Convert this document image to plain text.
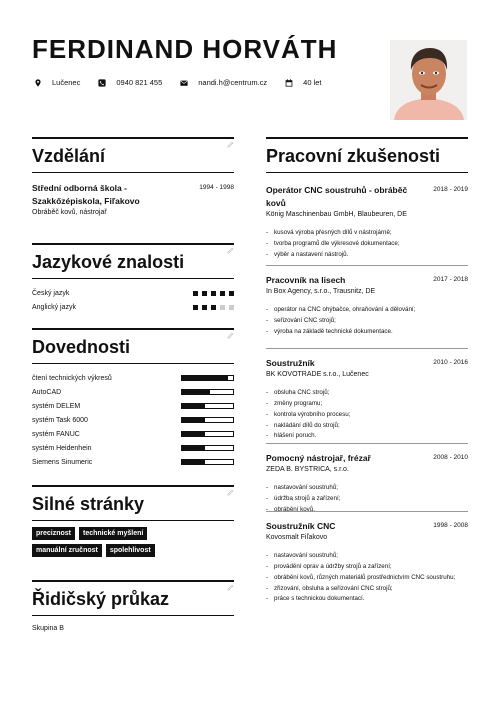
FERDINAND HORVÁTH
Lučenec	0940 821 455	nandi.h@centrum.cz	40 let
Vzdělání
Střední odborná škola - Szakkőzépiskola, Fiľakovo
1994 - 1998
Obráběč kovů, nástrojař
Jazykové znalosti
Český jazyk
Anglický jazyk
Dovednosti
čtení technických výkresů
AutoCAD
systém DELEM
systém Task 6000
systém FANUC
systém Heidenhein
Siemens Sinumeric
Silné stránky
preciznost	technické myšlení
manuální zručnost	spolehlivost
Řidičský průkaz
Skupina B
Pracovní zkušenosti
Operátor CNC soustruhů - obráběč kovů
2018 - 2019
König Maschinenbau GmbH, Blaubeuren, DE
- kusová výroba přesných dílů v nástrojárně;
- tvorba programů dle výkresové dokumentace;
- výběr a nastavení nástrojů.
Pracovník na lisech	2017 - 2018
In Box Agency, s.r.o., Trausnitz, DE
- operátor na CNC ohýbačce, ohraňování a dělování;
- seřizování CNC strojů;
- výroba na základě technické dokumentace.
Soustružník	2010 - 2016
BK KOVOTRADE s.r.o., Lučenec
- obsluha CNC strojů;
- změny programu;
- kontrola výrobního procesu;
- nakládání dílů do strojů;
- hlášení poruch.
Pomocný nástrojař, frézař	2008 - 2010
ZEDA B. BYSTRICA, s.r.o.
- nastavování soustruhů;
- údržba strojů a zařízení;
- obrábění kovů.
Soustružník CNC	1998 - 2008
Kovosmalt Fiľakovo
- nastavování soustruhů;
- provádění oprav a údržby strojů a zařízení;
- obrábění kovů, různých materiálů prostřednictvím CNC soustruhu;
- zřizování, obsluha a seřizování CNC strojů;
- práce s technickou dokumentací.
